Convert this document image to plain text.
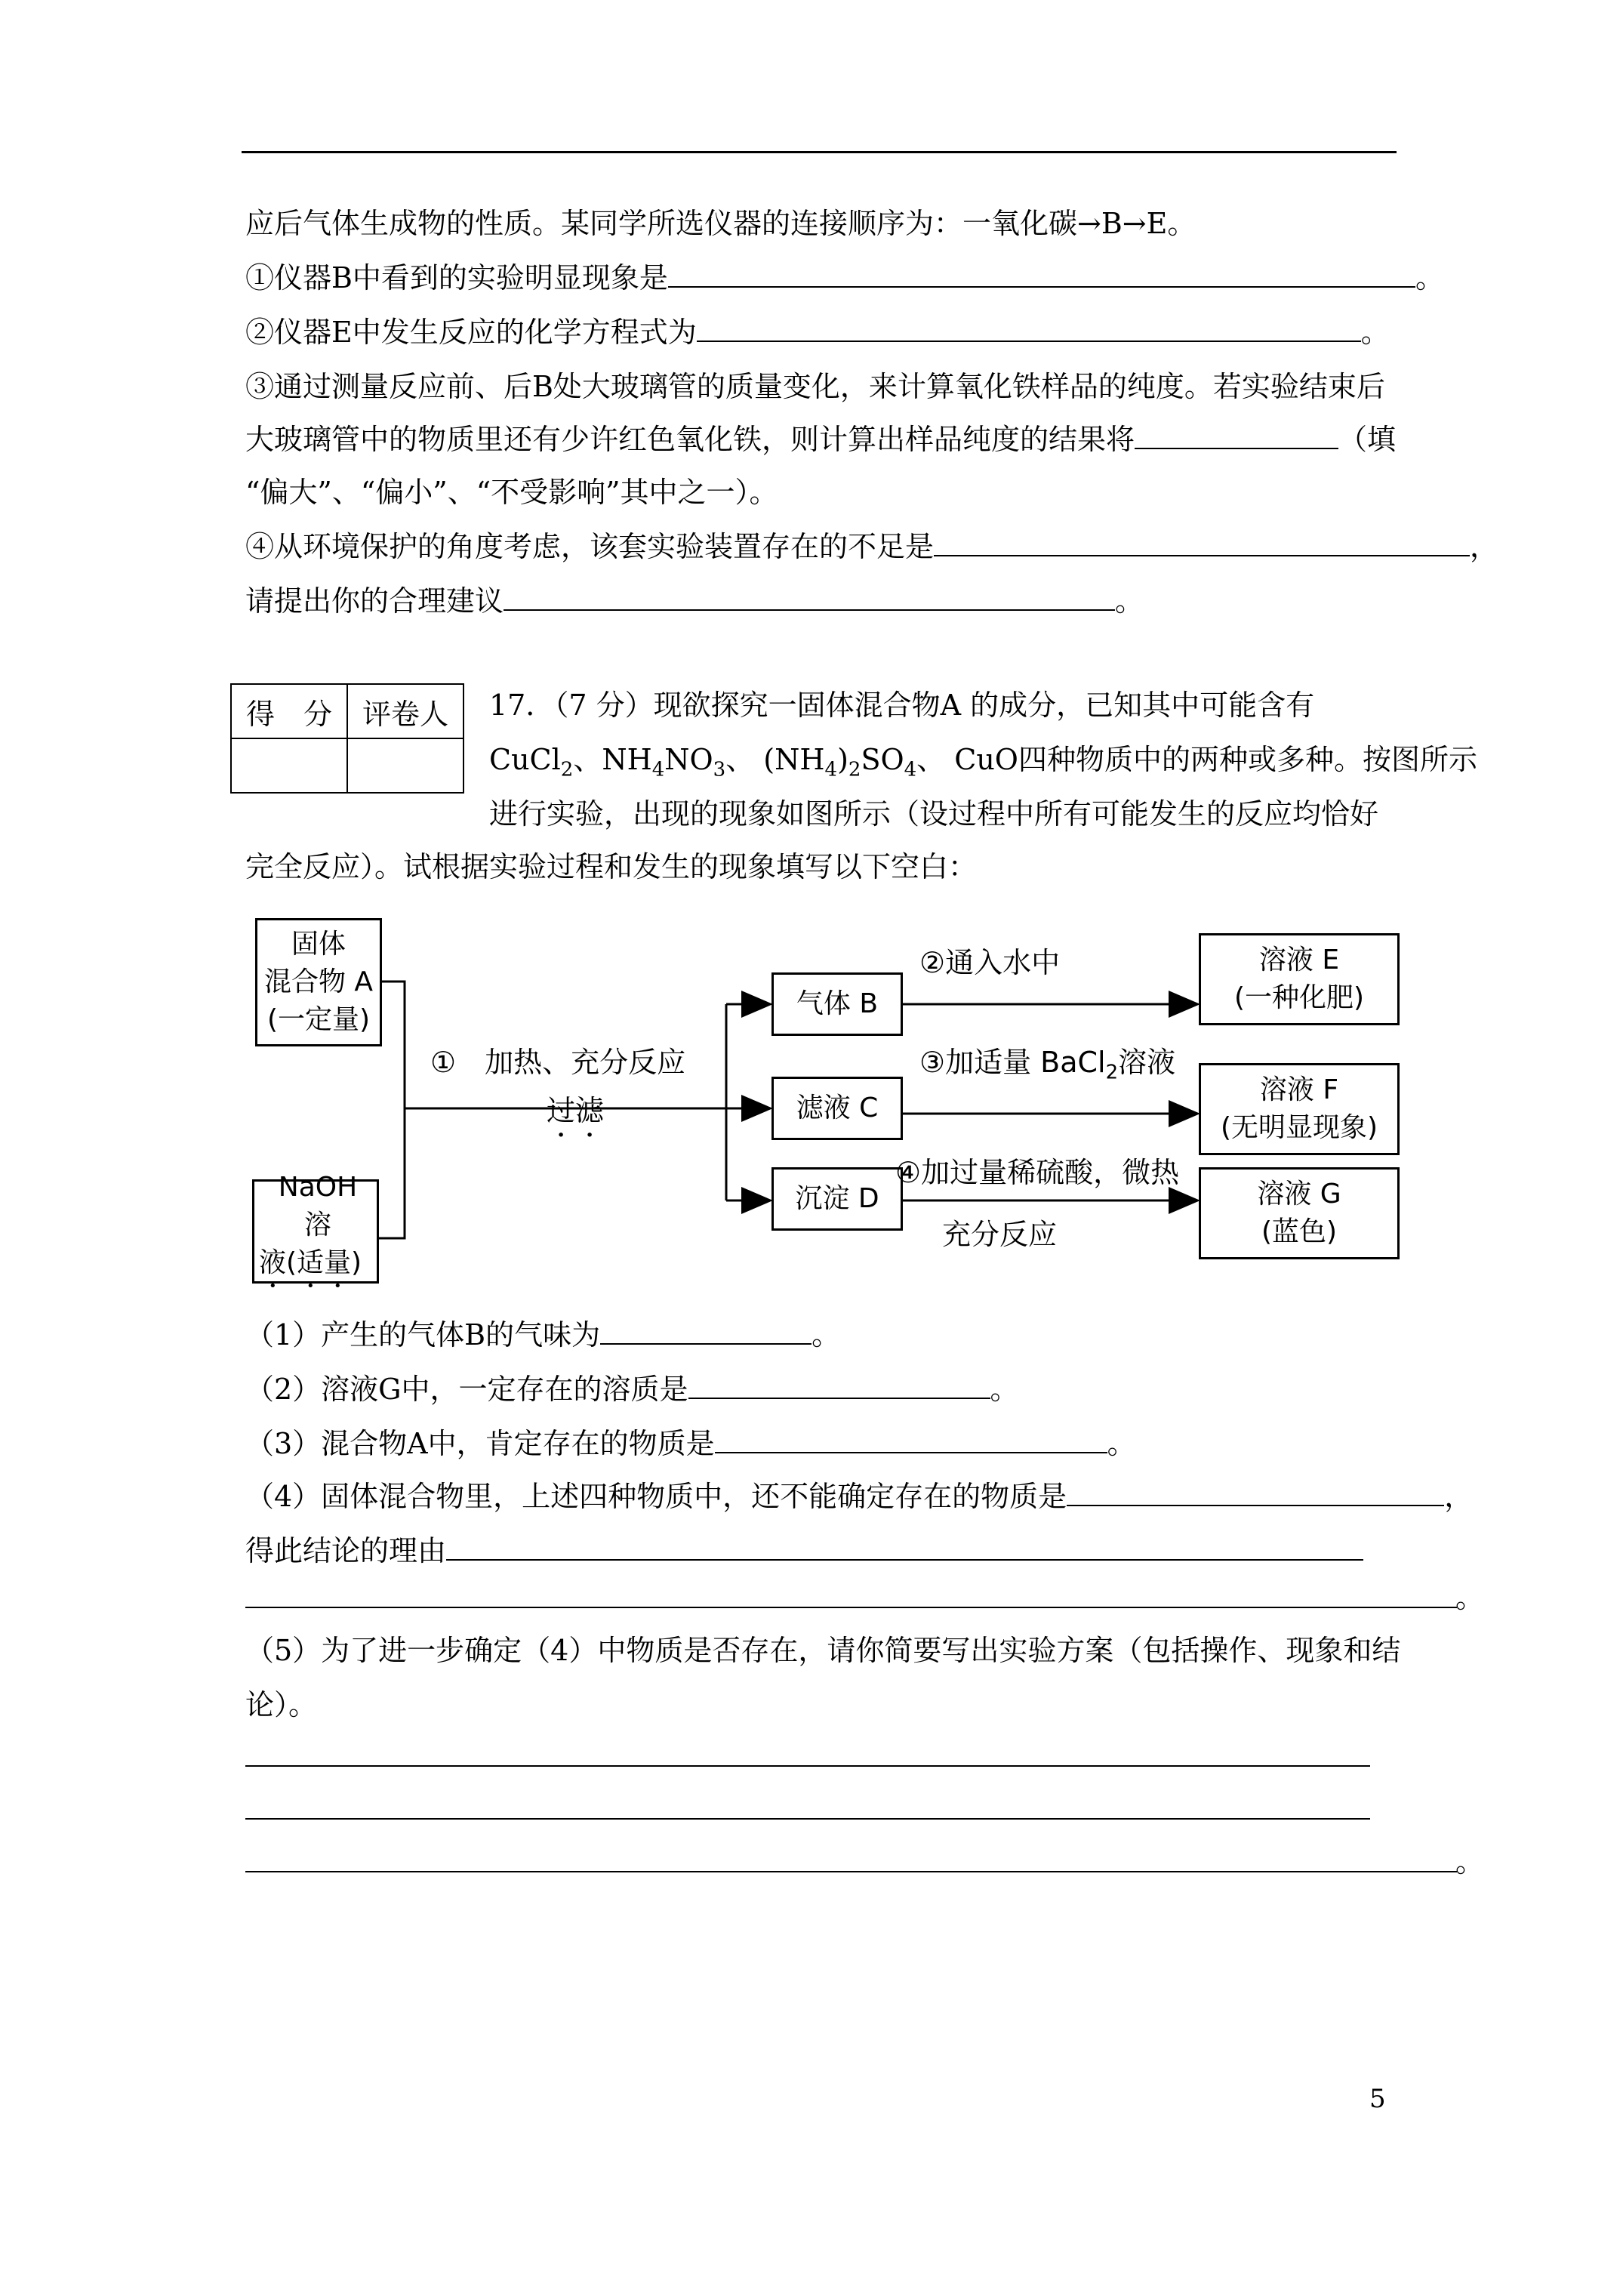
应后气体生成物的性质。某同学所选仪器的连接顺序为：一氧化碳→B→E。
①仪器B中看到的实验明显现象是	。
②仪器E中发生反应的化学方程式为	。
③通过测量反应前、后B处大玻璃管的质量变化，来计算氧化铁样品的纯度。若实验结束后
大玻璃管中的物质里还有少许红色氧化铁，则计算出样品纯度的结果将	（填
“偏大”、“偏小”、“不受影响”其中之一）。
④从环境保护的角度考虑，该套实验装置存在的不足是	，
请提出你的合理建议	。
得　分	评卷人
	17．（7 分）现欲探究一固体混合物A 的成分，已知其中可能含有
CuCl$_2$、$NH_4NO_3$、 $(NH_4)_2SO_4$、 CuO四种物质中的两种或多种。按图所示
进行实验，出现的现象如图所示（设过程中所有可能发生的反应均恰好
完全反应）。试根据实验过程和发生的现象填写以下空白：
固体
混合物 A
(一定量)
NaOH　溶
液(适量)
①　加热、充分反应
过滤
气体 B
滤液 C
沉淀 D
②通入水中
③加适量 BaCl$_2$溶液
④加过量稀硫酸，微热
充分反应
溶液 E
(一种化肥)
溶液 F
(无明显现象)
溶液 G
(蓝色)
（1）产生的气体B的气味为	。
（2）溶液G中，一定存在的溶质是	。
（3）混合物A中，肯定存在的物质是	。
（4）固体混合物里，上述四种物质中，还不能确定存在的物质是	，
得此结论的理由
。
（5）为了进一步确定（4）中物质是否存在，请你简要写出实验方案（包括操作、现象和结
论）。
。
5
